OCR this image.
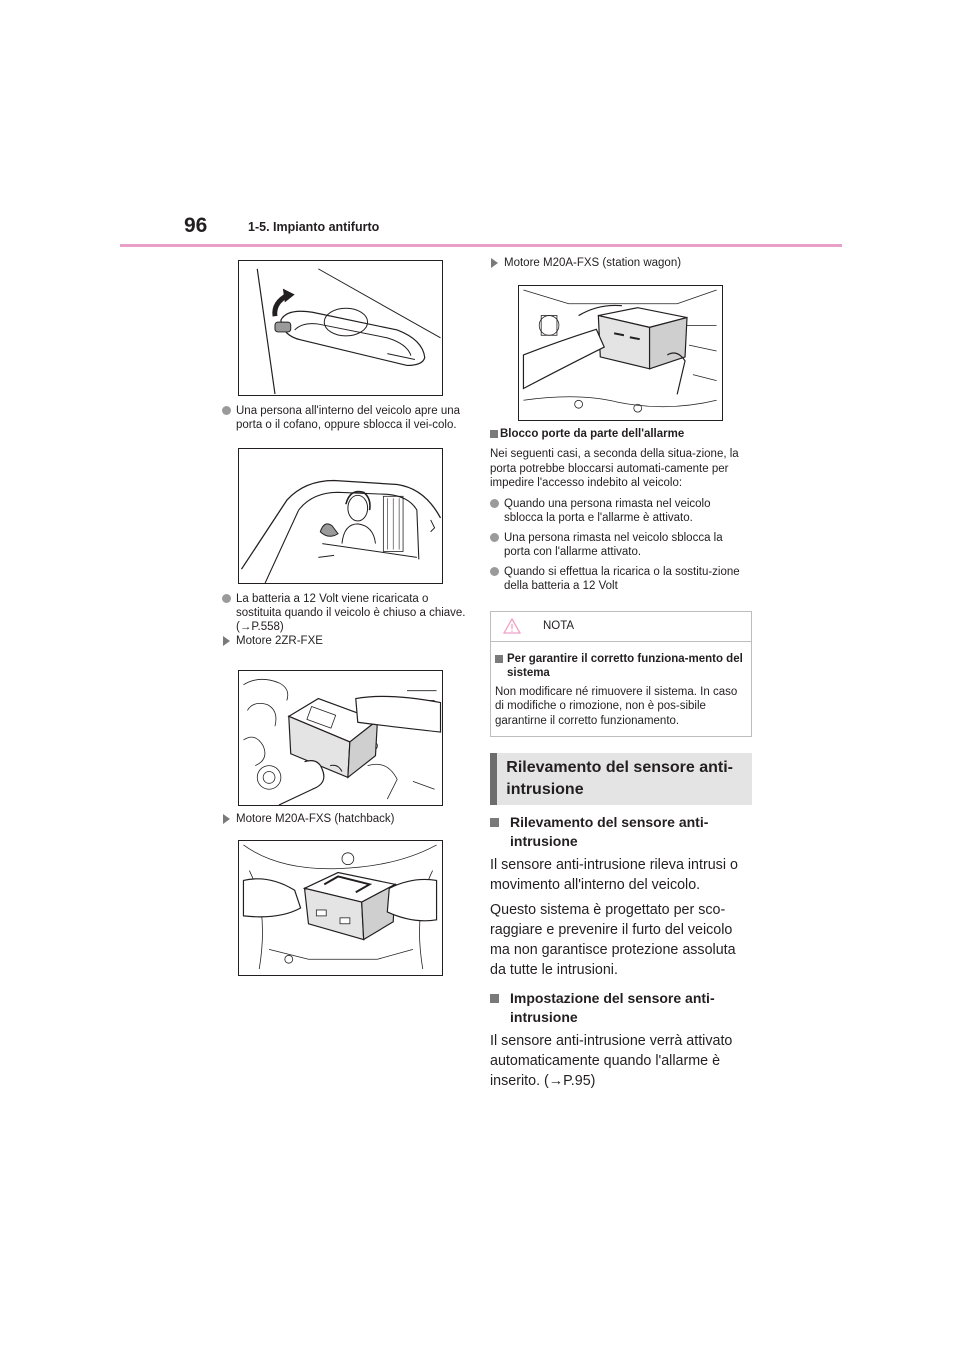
96	1-5. Impianto antifurto
Una persona all'interno del veicolo apre una porta o il cofano, oppure sblocca il vei-colo.
La batteria a 12 Volt viene ricaricata o sostituita quando il veicolo è chiuso a chiave. (→P.558)
Motore 2ZR-FXE
Motore M20A-FXS (hatchback)
Motore M20A-FXS (station wagon)
Blocco porte da parte dell'allarme
Nei seguenti casi, a seconda della situa-zione, la porta potrebbe bloccarsi automati-camente per impedire l'accesso indebito al veicolo:
Quando una persona rimasta nel veicolo sblocca la porta e l'allarme è attivato.
Una persona rimasta nel veicolo sblocca la porta con l'allarme attivato.
Quando si effettua la ricarica o la sostitu-zione della batteria a 12 Volt
NOTA
Per garantire il corretto funziona-mento del sistema
Non modificare né rimuovere il sistema. In caso di modifiche o rimozione, non è pos-sibile garantirne il corretto funzionamento.
Rilevamento del sensore anti-intrusione
Rilevamento del sensore anti-intrusione
Il sensore anti-intrusione rileva intrusi o movimento all'interno del veicolo.
Questo sistema è progettato per sco-raggiare e prevenire il furto del veicolo ma non garantisce protezione assoluta da tutte le intrusioni.
Impostazione del sensore anti-intrusione
Il sensore anti-intrusione verrà attivato automaticamente quando l'allarme è inserito. (→P.95)
